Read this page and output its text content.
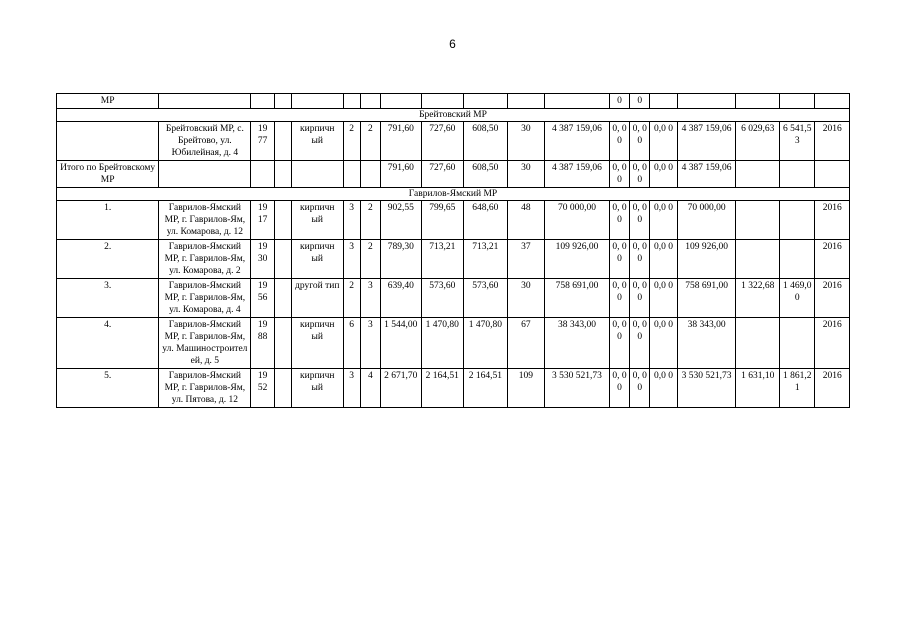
6
МР												0	0					
Брейтовский МР																		
	Брейтовский МР, с. Брейтово, ул. Юбилейная, д. 4	19 77		кирпичн ый	2	2	791,60	727,60	608,50	30	4 387 159,06	0, 0 0	0, 0 0	0,0 0	4 387 159,06	6 029,63	6 541,5 3	2016
Итого по Брейтовскому МР							791,60	727,60	608,50	30	4 387 159,06	0, 0 0	0, 0 0	0,0 0	4 387 159,06			
Гаврилов-Ямский МР																		
1.	Гаврилов-Ямский МР, г. Гаврилов-Ям, ул. Комарова, д. 12	19 17		кирпичн ый	3	2	902,55	799,65	648,60	48	70 000,00	0, 0 0	0, 0 0	0,0 0	70 000,00			2016
2.	Гаврилов-Ямский МР, г. Гаврилов-Ям, ул. Комарова, д. 2	19 30		кирпичн ый	3	2	789,30	713,21	713,21	37	109 926,00	0, 0 0	0, 0 0	0,0 0	109 926,00			2016
3.	Гаврилов-Ямский МР, г. Гаврилов-Ям, ул. Комарова, д. 4	19 56		другой тип	2	3	639,40	573,60	573,60	30	758 691,00	0, 0 0	0, 0 0	0,0 0	758 691,00	1 322,68	1 469,0 0	2016
4.	Гаврилов-Ямский МР, г. Гаврилов-Ям, ул. Машиностроител ей, д. 5	19 88		кирпичн ый	6	3	1 544,00	1 470,80	1 470,80	67	38 343,00	0, 0 0	0, 0 0	0,0 0	38 343,00			2016
5.	Гаврилов-Ямский МР, г. Гаврилов-Ям, ул. Пятова, д. 12	19 52		кирпичн ый	3	4	2 671,70	2 164,51	2 164,51	109	3 530 521,73	0, 0 0	0, 0 0	0,0 0	3 530 521,73	1 631,10	1 861,2 1	2016
